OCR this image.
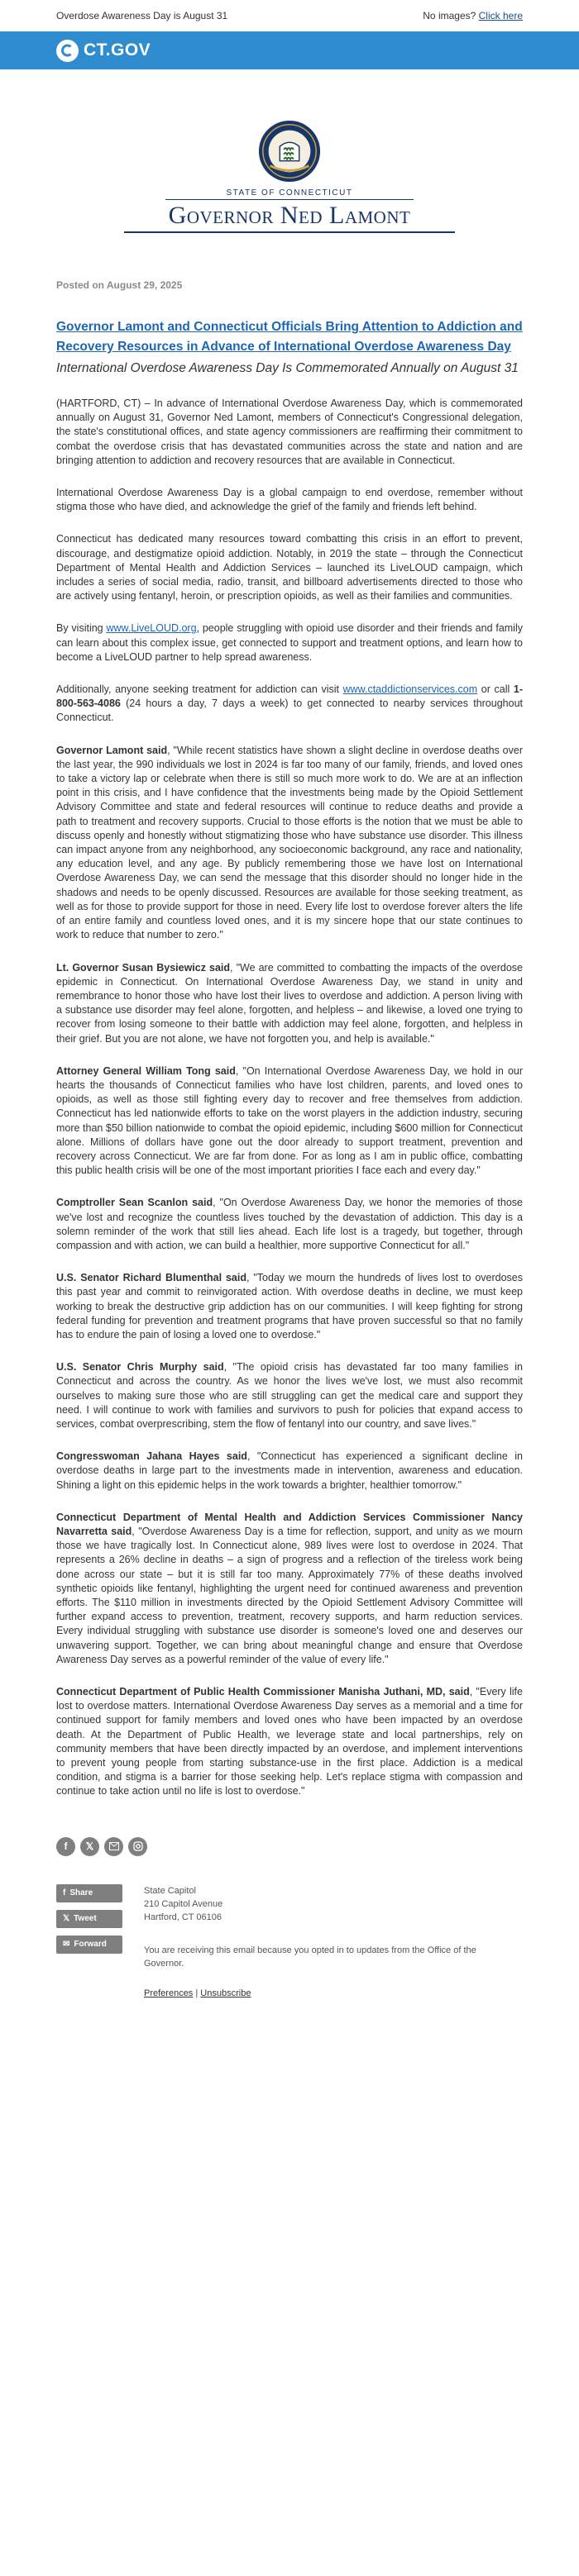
Overdose Awareness Day is August 31	No images? Click here
CT.GOV
STATE OF CONNECTICUT
Governor Ned Lamont
Posted on August 29, 2025
Governor Lamont and Connecticut Officials Bring Attention to Addiction and Recovery Resources in Advance of International Overdose Awareness Day
International Overdose Awareness Day Is Commemorated Annually on August 31

(HARTFORD, CT) – In advance of International Overdose Awareness Day, which is commemorated annually on August 31, Governor Ned Lamont, members of Connecticut's Congressional delegation, the state's constitutional offices, and state agency commissioners are reaffirming their commitment to combat the overdose crisis that has devastated communities across the state and nation and are bringing attention to addiction and recovery resources that are available in Connecticut.

International Overdose Awareness Day is a global campaign to end overdose, remember without stigma those who have died, and acknowledge the grief of the family and friends left behind.

Connecticut has dedicated many resources toward combatting this crisis in an effort to prevent, discourage, and destigmatize opioid addiction. Notably, in 2019 the state – through the Connecticut Department of Mental Health and Addiction Services – launched its LiveLOUD campaign, which includes a series of social media, radio, transit, and billboard advertisements directed to those who are actively using fentanyl, heroin, or prescription opioids, as well as their families and communities.

By visiting www.LiveLOUD.org, people struggling with opioid use disorder and their friends and family can learn about this complex issue, get connected to support and treatment options, and learn how to become a LiveLOUD partner to help spread awareness.

Additionally, anyone seeking treatment for addiction can visit www.ctaddictionservices.com or call 1-800-563-4086 (24 hours a day, 7 days a week) to get connected to nearby services throughout Connecticut.

Governor Lamont said, "While recent statistics have shown a slight decline in overdose deaths over the last year, the 990 individuals we lost in 2024 is far too many of our family, friends, and loved ones to take a victory lap or celebrate when there is still so much more work to do. We are at an inflection point in this crisis, and I have confidence that the investments being made by the Opioid Settlement Advisory Committee and state and federal resources will continue to reduce deaths and provide a path to treatment and recovery supports. Crucial to those efforts is the notion that we must be able to discuss openly and honestly without stigmatizing those who have substance use disorder. This illness can impact anyone from any neighborhood, any socioeconomic background, any race and nationality, any education level, and any age. By publicly remembering those we have lost on International Overdose Awareness Day, we can send the message that this disorder should no longer hide in the shadows and needs to be openly discussed. Resources are available for those seeking treatment, as well as for those to provide support for those in need. Every life lost to overdose forever alters the life of an entire family and countless loved ones, and it is my sincere hope that our state continues to work to reduce that number to zero."

Lt. Governor Susan Bysiewicz said, "We are committed to combatting the impacts of the overdose epidemic in Connecticut. On International Overdose Awareness Day, we stand in unity and remembrance to honor those who have lost their lives to overdose and addiction. A person living with a substance use disorder may feel alone, forgotten, and helpless – and likewise, a loved one trying to recover from losing someone to their battle with addiction may feel alone, forgotten, and helpless in their grief. But you are not alone, we have not forgotten you, and help is available."

Attorney General William Tong said, "On International Overdose Awareness Day, we hold in our hearts the thousands of Connecticut families who have lost children, parents, and loved ones to opioids, as well as those still fighting every day to recover and free themselves from addiction. Connecticut has led nationwide efforts to take on the worst players in the addiction industry, securing more than $50 billion nationwide to combat the opioid epidemic, including $600 million for Connecticut alone. Millions of dollars have gone out the door already to support treatment, prevention and recovery across Connecticut. We are far from done. For as long as I am in public office, combatting this public health crisis will be one of the most important priorities I face each and every day."

Comptroller Sean Scanlon said, "On Overdose Awareness Day, we honor the memories of those we've lost and recognize the countless lives touched by the devastation of addiction. This day is a solemn reminder of the work that still lies ahead. Each life lost is a tragedy, but together, through compassion and with action, we can build a healthier, more supportive Connecticut for all."

U.S. Senator Richard Blumenthal said, "Today we mourn the hundreds of lives lost to overdoses this past year and commit to reinvigorated action. With overdose deaths in decline, we must keep working to break the destructive grip addiction has on our communities. I will keep fighting for strong federal funding for prevention and treatment programs that have proven successful so that no family has to endure the pain of losing a loved one to overdose."

U.S. Senator Chris Murphy said, "The opioid crisis has devastated far too many families in Connecticut and across the country. As we honor the lives we've lost, we must also recommit ourselves to making sure those who are still struggling can get the medical care and support they need. I will continue to work with families and survivors to push for policies that expand access to services, combat overprescribing, stem the flow of fentanyl into our country, and save lives."

Congresswoman Jahana Hayes said, "Connecticut has experienced a significant decline in overdose deaths in large part to the investments made in intervention, awareness and education. Shining a light on this epidemic helps in the work towards a brighter, healthier tomorrow."

Connecticut Department of Mental Health and Addiction Services Commissioner Nancy Navarretta said, "Overdose Awareness Day is a time for reflection, support, and unity as we mourn those we have tragically lost. In Connecticut alone, 989 lives were lost to overdose in 2024. That represents a 26% decline in deaths – a sign of progress and a reflection of the tireless work being done across our state – but it is still far too many. Approximately 77% of these deaths involved synthetic opioids like fentanyl, highlighting the urgent need for continued awareness and prevention efforts. The $110 million in investments directed by the Opioid Settlement Advisory Committee will further expand access to prevention, treatment, recovery supports, and harm reduction services. Every individual struggling with substance use disorder is someone's loved one and deserves our unwavering support. Together, we can bring about meaningful change and ensure that Overdose Awareness Day serves as a powerful reminder of the value of every life."

Connecticut Department of Public Health Commissioner Manisha Juthani, MD, said, "Every life lost to overdose matters. International Overdose Awareness Day serves as a memorial and a time for continued support for family members and loved ones who have been impacted by an overdose death. At the Department of Public Health, we leverage state and local partnerships, rely on community members that have been directly impacted by an overdose, and implement interventions to prevent young people from starting substance-use in the first place. Addiction is a medical condition, and stigma is a barrier for those seeking help. Let's replace stigma with compassion and continue to take action until no life is lost to overdose."

f	𝕏
f Share
𝕏 Tweet
✉ Forward
State Capitol
210 Capitol Avenue
Hartford, CT 06106
You are receiving this email because you opted in to updates from the Office of the Governor.
Preferences | Unsubscribe
